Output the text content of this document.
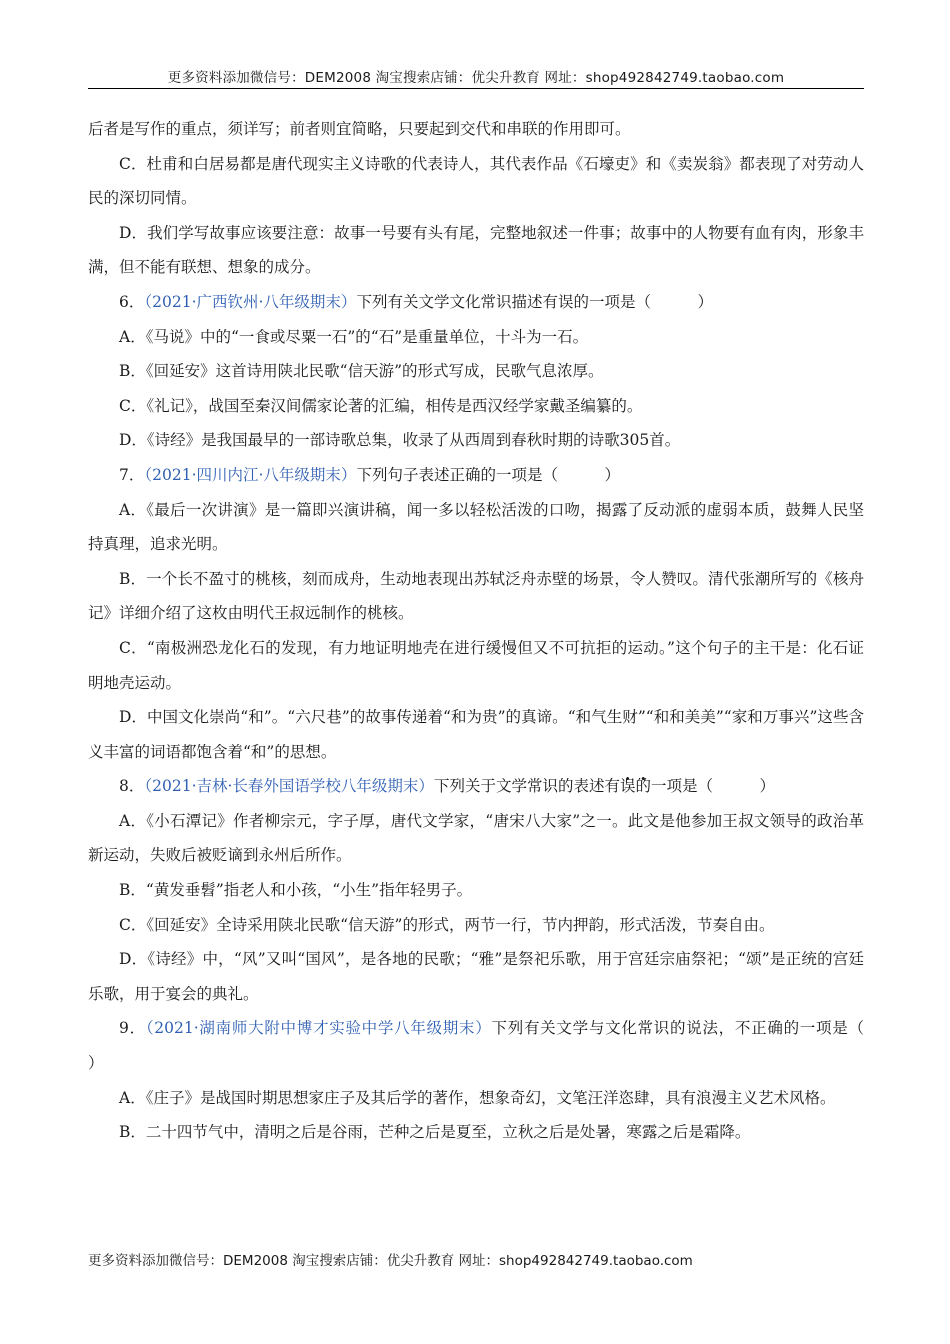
更多资料添加微信号：DEM2008 淘宝搜索店铺：优尖升教育 网址：shop492842749.taobao.com

后者是写作的重点，须详写；前者则宜简略，只要起到交代和串联的作用即可。

C．杜甫和白居易都是唐代现实主义诗歌的代表诗人，其代表作品《石壕吏》和《卖炭翁》都表现了对劳动人民的深切同情。

D．我们学写故事应该要注意：故事一号要有头有尾，完整地叙述一件事；故事中的人物要有血有肉，形象丰满，但不能有联想、想象的成分。

6．（2021·广西钦州·八年级期末）下列有关文学文化常识描述有误的一项是（　　　）

A．《马说》中的“一食或尽粟一石”的“石”是重量单位，十斗为一石。

B．《回延安》这首诗用陕北民歌“信天游”的形式写成，民歌气息浓厚。

C．《礼记》，战国至秦汉间儒家论著的汇编，相传是西汉经学家戴圣编纂的。

D．《诗经》是我国最早的一部诗歌总集，收录了从西周到春秋时期的诗歌305首。

7．（2021·四川内江·八年级期末）下列句子表述正确的一项是（　　　）

A．《最后一次讲演》是一篇即兴演讲稿，闻一多以轻松活泼的口吻，揭露了反动派的虚弱本质，鼓舞人民坚持真理，追求光明。

B．一个长不盈寸的桃核，刻而成舟，生动地表现出苏轼泛舟赤壁的场景，令人赞叹。清代张潮所写的《核舟记》详细介绍了这枚由明代王叔远制作的桃核。

C．“南极洲恐龙化石的发现，有力地证明地壳在进行缓慢但又不可抗拒的运动。”这个句子的主干是：化石证明地壳运动。

D．中国文化崇尚“和”。“六尺巷”的故事传递着“和为贵”的真谛。“和气生财”“和和美美”“家和万事兴”这些含义丰富的词语都饱含着“和”的思想。

8．（2021·吉林·长春外国语学校八年级期末）下列关于文学常识的表述有误的一项是（　　　）

A．《小石潭记》作者柳宗元，字子厚，唐代文学家，“唐宋八大家”之一。此文是他参加王叔文领导的政治革新运动，失败后被贬谪到永州后所作。

B．“黄发垂髫”指老人和小孩，“小生”指年轻男子。

C．《回延安》全诗采用陕北民歌“信天游”的形式，两节一行，节内押韵，形式活泼，节奏自由。

D．《诗经》中，“风”又叫“国风”，是各地的民歌；“雅”是祭祀乐歌，用于宫廷宗庙祭祀；“颂”是正统的宫廷乐歌，用于宴会的典礼。

9．（2021·湖南师大附中博才实验中学八年级期末）下列有关文学与文化常识的说法，不正确的一项是（　　　）

A．《庄子》是战国时期思想家庄子及其后学的著作，想象奇幻，文笔汪洋恣肆，具有浪漫主义艺术风格。

B．二十四节气中，清明之后是谷雨，芒种之后是夏至，立秋之后是处暑，寒露之后是霜降。

更多资料添加微信号：DEM2008 淘宝搜索店铺：优尖升教育 网址：shop492842749.taobao.com
